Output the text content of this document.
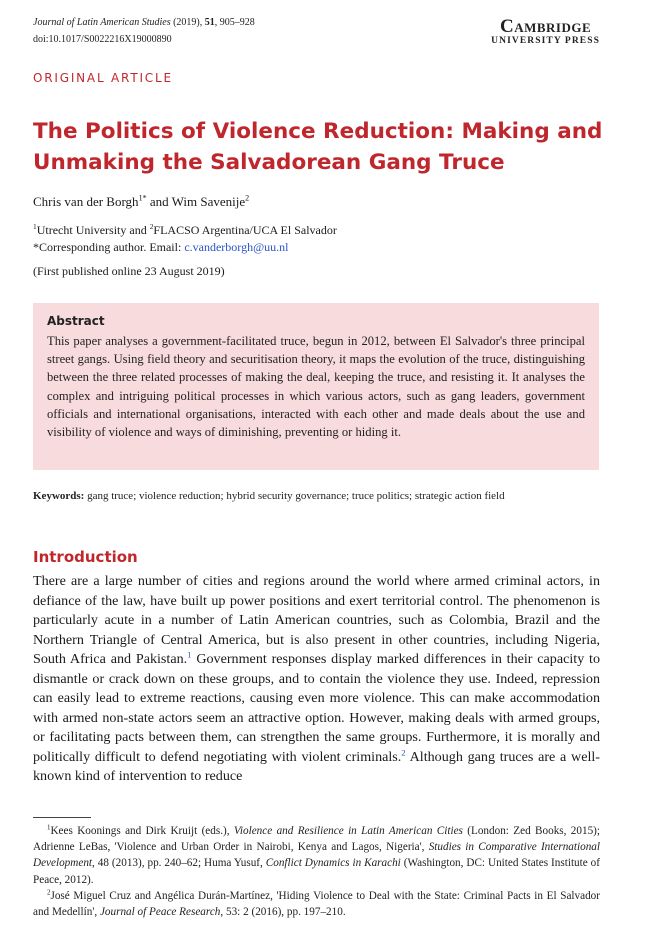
Journal of Latin American Studies (2019), 51, 905–928
doi:10.1017/S0022216X19000890
Cambridge
UNIVERSITY PRESS
ORIGINAL ARTICLE
The Politics of Violence Reduction: Making and Unmaking the Salvadorean Gang Truce
Chris van der Borgh$^{1*}$ and Wim Savenije$^2$
$^1$Utrecht University and $^2$FLACSO Argentina/UCA El Salvador
*Corresponding author. Email: c.vanderborgh@uu.nl
(First published online 23 August 2019)
Abstract
This paper analyses a government-facilitated truce, begun in 2012, between El Salvador's three principal street gangs. Using field theory and securitisation theory, it maps the evolution of the truce, distinguishing between the three related processes of making the deal, keeping the truce, and resisting it. It analyses the complex and intriguing political processes in which various actors, such as gang leaders, government officials and international organisations, interacted with each other and made deals about the use and visibility of violence and ways of diminishing, preventing or hiding it.
Keywords: gang truce; violence reduction; hybrid security governance; truce politics; strategic action field
Introduction
There are a large number of cities and regions around the world where armed criminal actors, in defiance of the law, have built up power positions and exert territorial control. The phenomenon is particularly acute in a number of Latin American countries, such as Colombia, Brazil and the Northern Triangle of Central America, but is also present in other countries, including Nigeria, South Africa and Pakistan.$^1$ Government responses display marked differences in their capacity to dismantle or crack down on these groups, and to contain the violence they use. Indeed, repression can easily lead to extreme reactions, causing even more violence. This can make accommodation with armed non-state actors seem an attractive option. However, making deals with armed groups, or facilitating pacts between them, can strengthen the same groups. Furthermore, it is morally and politically difficult to defend negotiating with violent criminals.$^2$ Although gang truces are a well-known kind of intervention to reduce

$^1$Kees Koonings and Dirk Kruijt (eds.), Violence and Resilience in Latin American Cities (London: Zed Books, 2015); Adrienne LeBas, 'Violence and Urban Order in Nairobi, Kenya and Lagos, Nigeria', Studies in Comparative International Development, 48 (2013), pp. 240–62; Huma Yusuf, Conflict Dynamics in Karachi (Washington, DC: United States Institute of Peace, 2012).

$^2$José Miguel Cruz and Angélica Durán-Martínez, 'Hiding Violence to Deal with the State: Criminal Pacts in El Salvador and Medellín', Journal of Peace Research, 53: 2 (2016), pp. 197–210.
